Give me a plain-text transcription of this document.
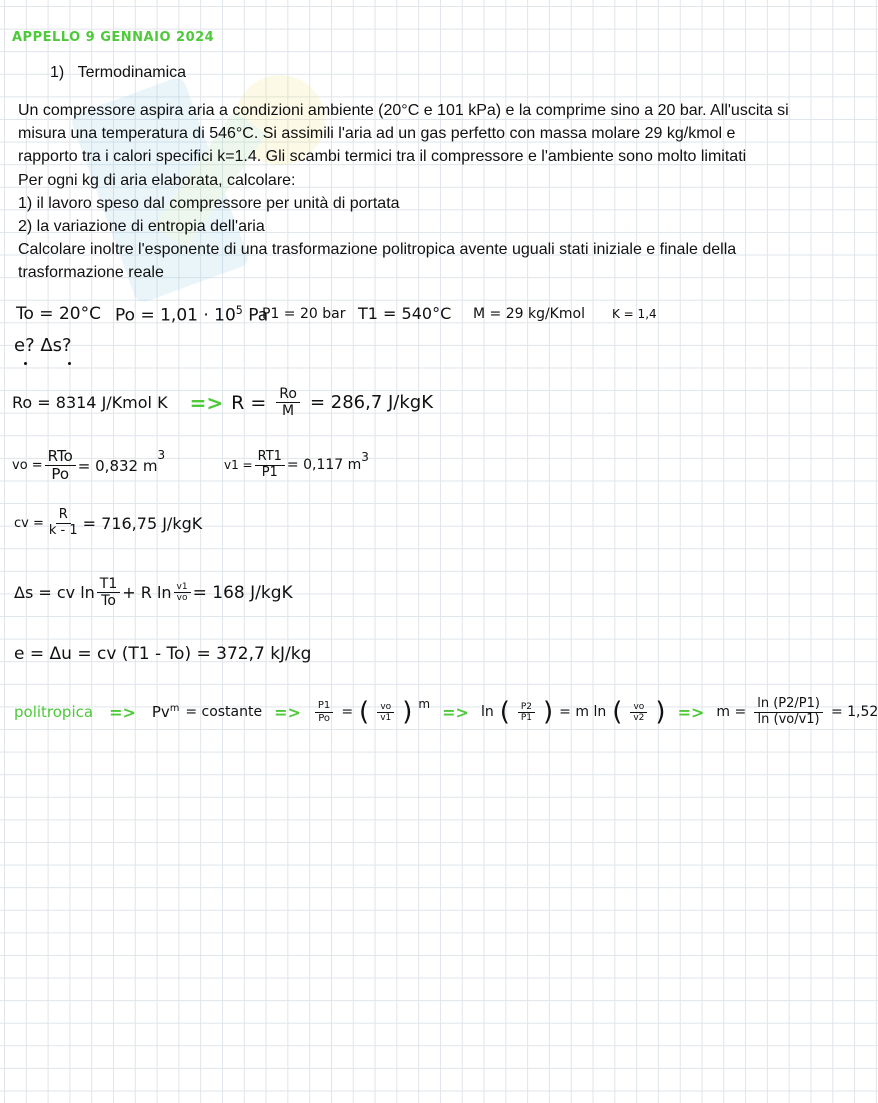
APPELLO 9 GENNAIO 2024
1)   Termodinamica
Un compressore aspira aria a condizioni ambiente (20°C e 101 kPa) e la comprime sino a 20 bar. All'uscita si
misura una temperatura di 546°C. Si assimili l'aria ad un gas perfetto con massa molare 29 kg/kmol e
rapporto tra i calori specifici k=1.4. Gli scambi termici tra il compressore e l'ambiente sono molto limitati
Per ogni kg di aria elaborata, calcolare:
1) il lavoro speso dal compressore per unità di portata
2) la variazione di entropia dell'aria
Calcolare inoltre l'esponente di una trasformazione politropica avente uguali stati iniziale e finale della
trasformazione reale
To = 20°C $Po = 1,01 \cdot 10^5$ Pa
P1 = 20 bar T1 = 540°C M = 29 kg/Kmol K = 1,4
e? Δs?
Ro = 8314 J/Kmol $K => R = \frac{Ro}{M} = 286,7$ J/kgK
vo = $\frac{\text{RTo}}{Po} = 0,832$ m
3
$v1 = \frac{RT1}{P1} = 0,117$ m
3
cv = $\frac{R}{k - 1} = 716,75$ J/kgK
Δs = cv $\ln \frac{T1}{To} + R$ $\ln \frac{v1}{vo} = 168$ J/kgK
e = Δu = cv (T1 - To) = 372,7 kJ/kg
politropica => $Pv^m$ = costante => $\frac{P1}{Po}$ = ( $\frac{vo}{v1}$ ) m => ln ( $\frac{P2}{P1}$ ) = m ln ( $\frac{vo}{v2}$ ) => $m = \frac{\ln (P2/P1)}{\ln (vo/v1)} = 1,52$
